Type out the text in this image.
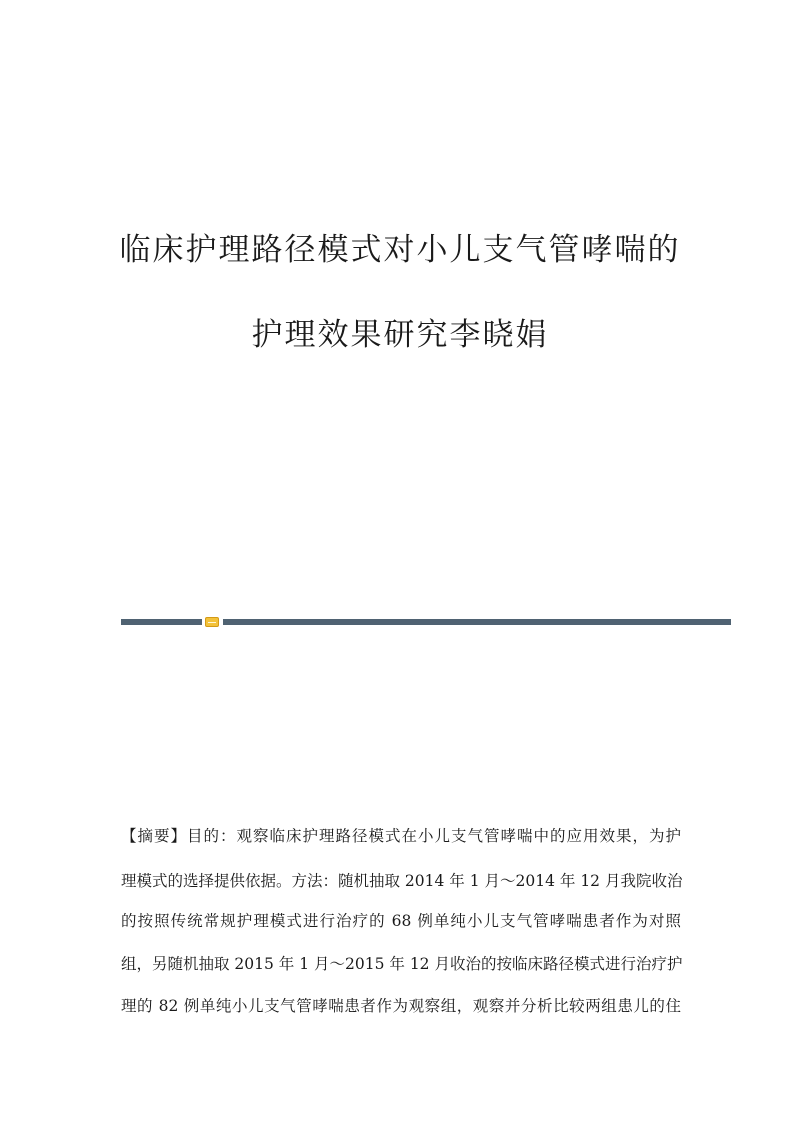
临床护理路径模式对小儿支气管哮喘的
护理效果研究李晓娟
【摘要】目的：观察临床护理路径模式在小儿支气管哮喘中的应用效果，为护
理模式的选择提供依据。方法：随机抽取 2014 年 1 月～2014 年 12 月我院收治
的按照传统常规护理模式进行治疗的 68 例单纯小儿支气管哮喘患者作为对照
组，另随机抽取 2015 年 1 月～2015 年 12 月收治的按临床路径模式进行治疗护
理的 82 例单纯小儿支气管哮喘患者作为观察组，观察并分析比较两组患儿的住
